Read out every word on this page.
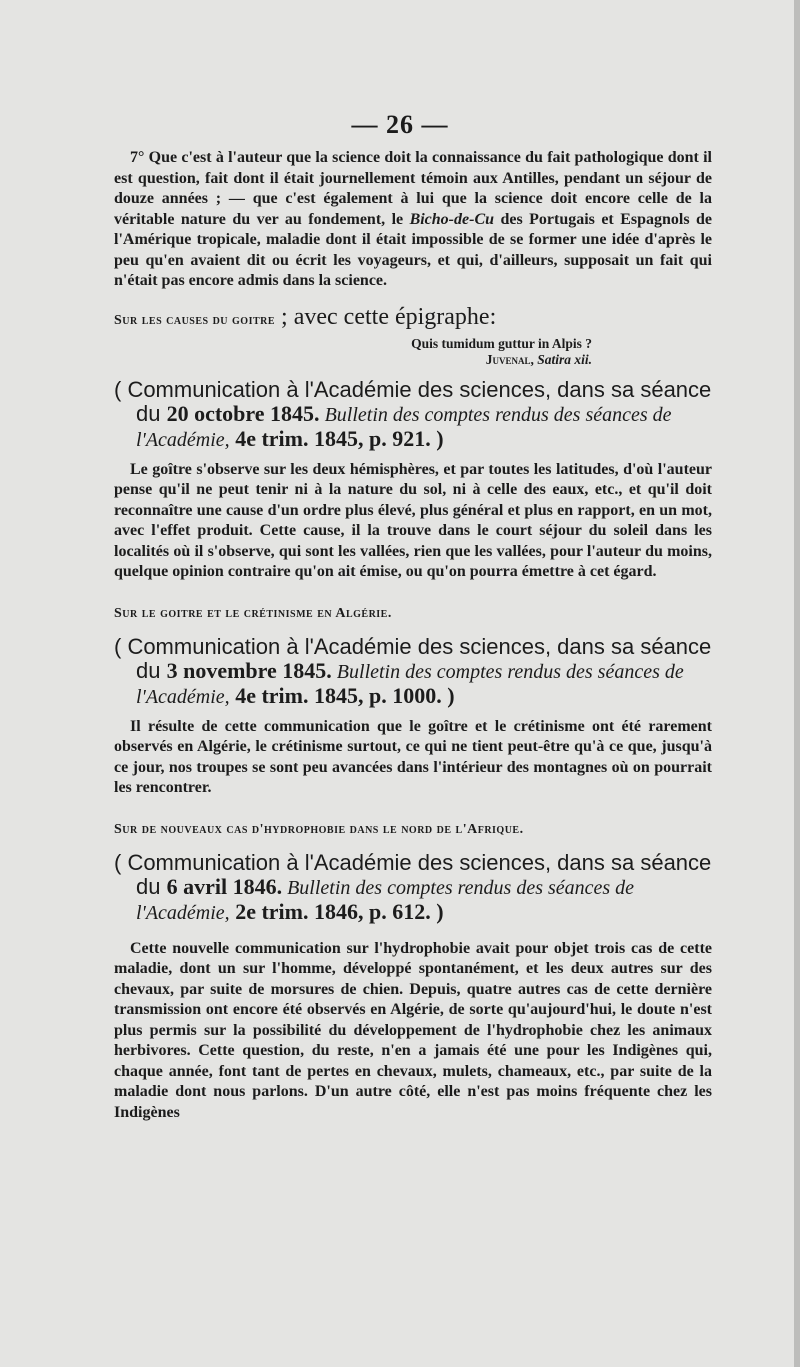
— 26 —

7° Que c'est à l'auteur que la science doit la connaissance du fait pathologique dont il est question, fait dont il était journellement témoin aux Antilles, pendant un séjour de douze années ; — que c'est également à lui que la science doit encore celle de la véritable nature du ver au fondement, le Bicho-de-Cu des Portugais et Espagnols de l'Amérique tropicale, maladie dont il était impossible de se former une idée d'après le peu qu'en avaient dit ou écrit les voyageurs, et qui, d'ailleurs, supposait un fait qui n'était pas encore admis dans la science.

Sur les causes du goitre ; avec cette épigraphe:

Quis tumidum guttur in Alpis ?
Juvenal, Satira xii.

( Communication à l'Académie des sciences, dans sa séance du 20 octobre 1845. Bulletin des comptes rendus des séances de l'Académie, 4e trim. 1845, p. 921. )

Le goître s'observe sur les deux hémisphères, et par toutes les latitudes, d'où l'auteur pense qu'il ne peut tenir ni à la nature du sol, ni à celle des eaux, etc., et qu'il doit reconnaître une cause d'un ordre plus élevé, plus général et plus en rapport, en un mot, avec l'effet produit. Cette cause, il la trouve dans le court séjour du soleil dans les localités où il s'observe, qui sont les vallées, rien que les vallées, pour l'auteur du moins, quelque opinion contraire qu'on ait émise, ou qu'on pourra émettre à cet égard.

Sur le goitre et le crétinisme en Algérie.

( Communication à l'Académie des sciences, dans sa séance du 3 novembre 1845. Bulletin des comptes rendus des séances de l'Académie, 4e trim. 1845, p. 1000. )

Il résulte de cette communication que le goître et le crétinisme ont été rarement observés en Algérie, le crétinisme surtout, ce qui ne tient peut-être qu'à ce que, jusqu'à ce jour, nos troupes se sont peu avancées dans l'intérieur des montagnes où on pourrait les rencontrer.

Sur de nouveaux cas d'hydrophobie dans le nord de l'Afrique.

( Communication à l'Académie des sciences, dans sa séance du 6 avril 1846. Bulletin des comptes rendus des séances de l'Académie, 2e trim. 1846, p. 612. )

Cette nouvelle communication sur l'hydrophobie avait pour objet trois cas de cette maladie, dont un sur l'homme, développé spontanément, et les deux autres sur des chevaux, par suite de morsures de chien. Depuis, quatre autres cas de cette dernière transmission ont encore été observés en Algérie, de sorte qu'aujourd'hui, le doute n'est plus permis sur la possibilité du développement de l'hydrophobie chez les animaux herbivores. Cette question, du reste, n'en a jamais été une pour les Indigènes qui, chaque année, font tant de pertes en chevaux, mulets, chameaux, etc., par suite de la maladie dont nous parlons. D'un autre côté, elle n'est pas moins fréquente chez les Indigènes
